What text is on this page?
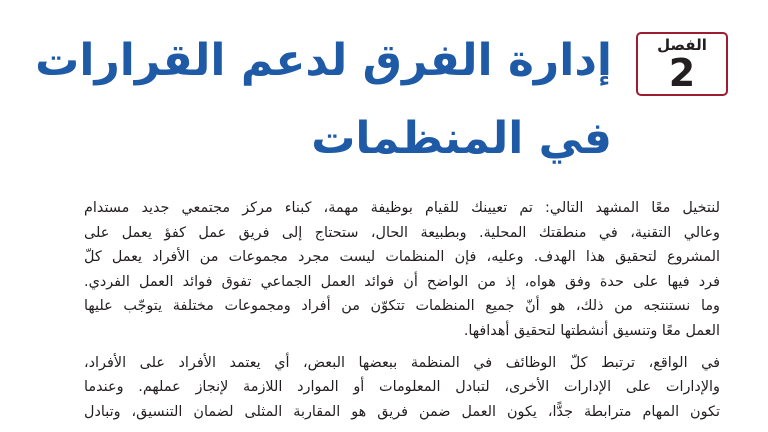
الفصل
2
إدارة الفرق لدعم القرارات
في المنظمات

لنتخيل معًا المشهد التالي: تم تعيينك للقيام بوظيفة مهمة، كبناء مركز مجتمعي جديد مستدام
وعالي التقنية، في منطقتك المحلية. وبطبيعة الحال، ستحتاج إلى فريق عمل كفؤ يعمل على
المشروع لتحقيق هذا الهدف. وعليه، فإن المنظمات ليست مجرد مجموعات من الأفراد يعمل كلّ
فرد فيها على حدة وفق هواه، إذ من الواضح أن فوائد العمل الجماعي تفوق فوائد العمل الفردي.
وما نستنتجه من ذلك، هو أنّ جميع المنظمات تتكوّن من أفراد ومجموعات مختلفة يتوجّب عليها
العمل معًا وتنسيق أنشطتها لتحقيق أهدافها.

في الواقع، ترتبط كلّ الوظائف في المنظمة ببعضها البعض، أي يعتمد الأفراد على الأفراد،
والإدارات على الإدارات الأخرى، لتبادل المعلومات أو الموارد اللازمة لإنجاز عملهم. وعندما
تكون المهام مترابطة جدًّا، يكون العمل ضمن فريق هو المقاربة المثلى لضمان التنسيق، وتبادل
